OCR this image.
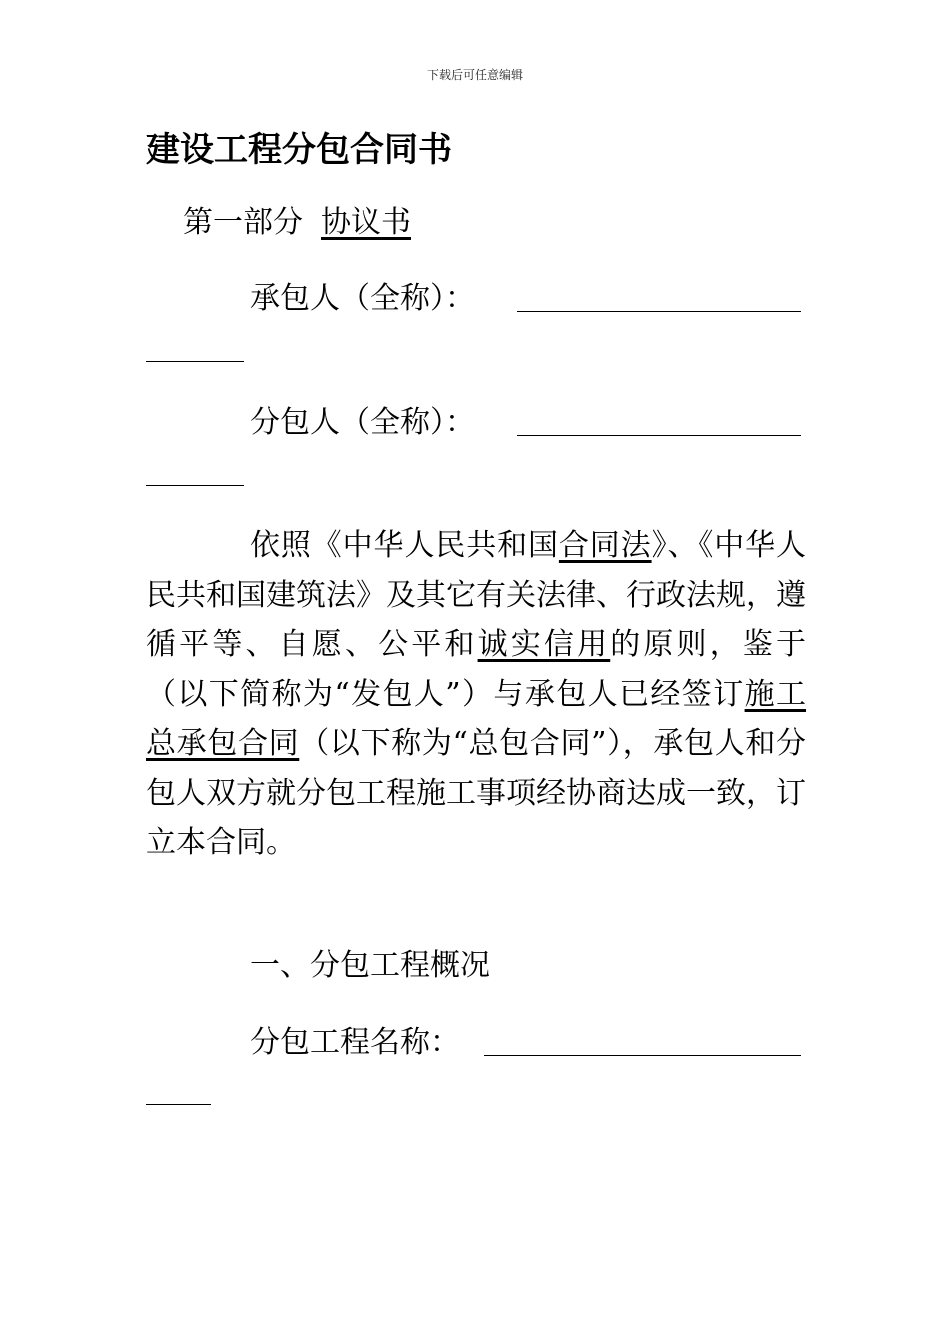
下载后可任意编辑
建设工程分包合同书
第一部分 协议书
承包人（全称）：
分包人（全称）：
依照《中华人民共和国合同法》、《中华人民共和国建筑法》及其它有关法律、行政法规，遵循平等、自愿、公平和诚实信用的原则，鉴于 （以下简称为“发包人”）与承包人已经签订施工总承包合同（以下称为“总包合同”），承包人和分包人双方就分包工程施工事项经协商达成一致，订立本合同。
一、分包工程概况
分包工程名称：
